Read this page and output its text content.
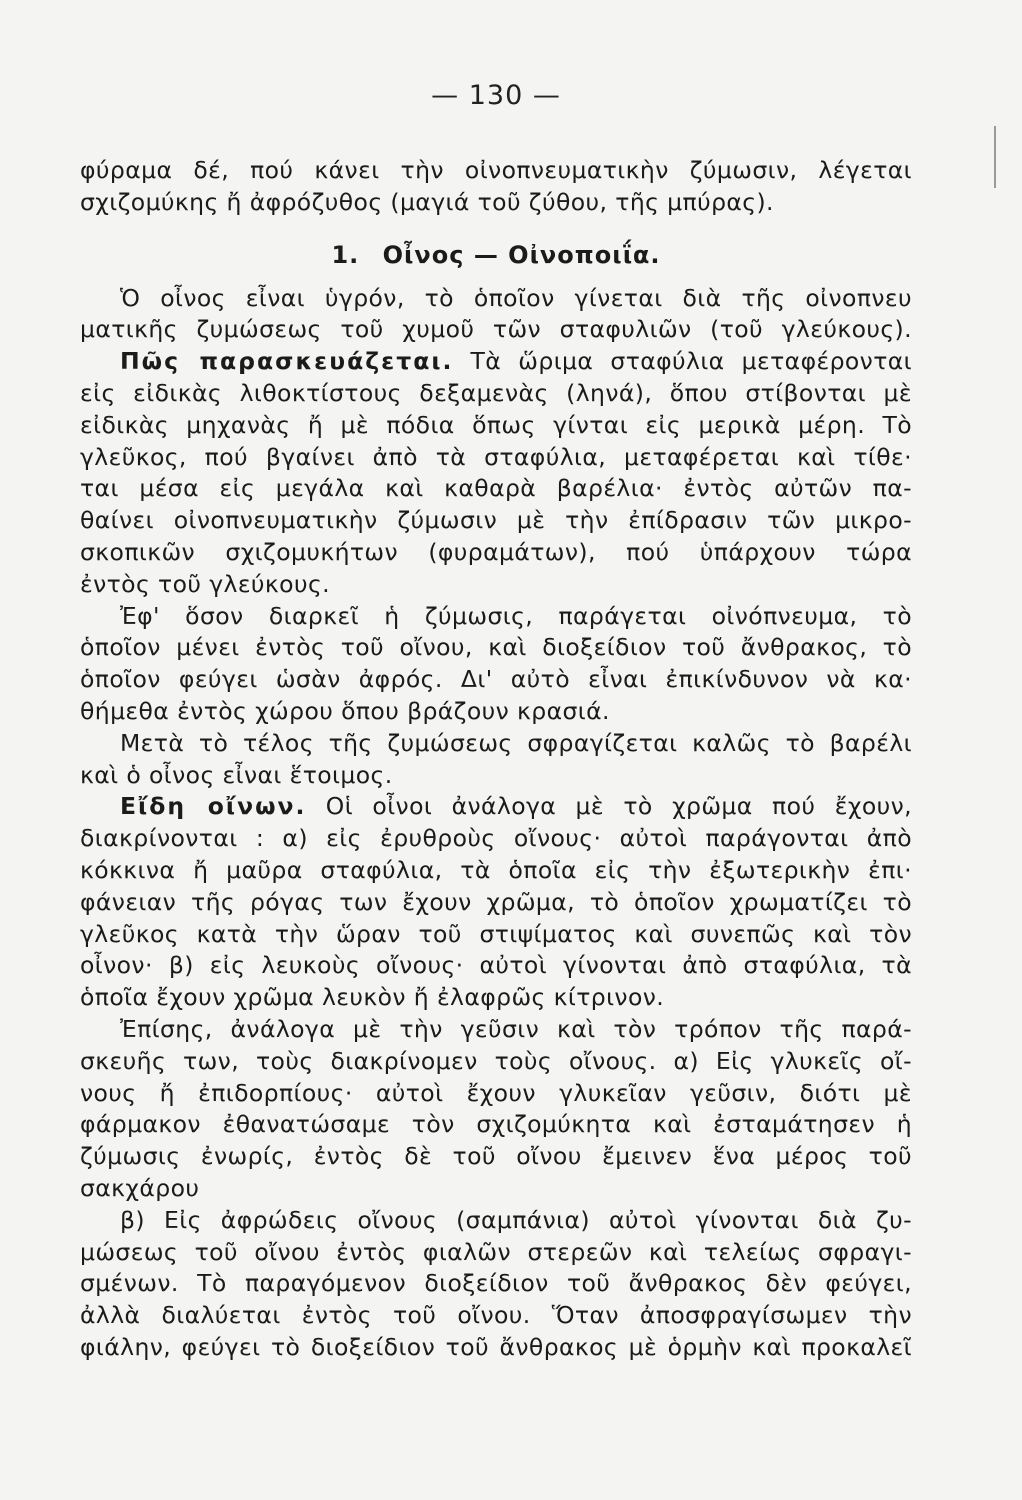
— 130 —
φύραμα δέ, πού κάνει τὴν οἰνοπνευματικὴν ζύμωσιν, λέγεται
σχιζομύκης ἤ ἀφρόζυθος (μαγιά τοῦ ζύθου, τῆς μπύρας).
1. Οἶνος — Οἰνοποιΐα.
Ὁ οἶνος εἶναι ὑγρόν, τὸ ὁποῖον γίνεται διὰ τῆς οἰνοπνευ
ματικῆς ζυμώσεως τοῦ χυμοῦ τῶν σταφυλιῶν (τοῦ γλεύκους).
Πῶς παρασκευάζεται. Τὰ ὥριμα σταφύλια μεταφέρονται
εἰς εἰδικὰς λιθοκτίστους δεξαμενὰς (ληνά), ὅπου στίβονται μὲ
εἰδικὰς μηχανὰς ἤ μὲ πόδια ὅπως γίνται εἰς μερικὰ μέρη. Τὸ
γλεῦκος, πού βγαίνει ἀπὸ τὰ σταφύλια, μεταφέρεται καὶ τίθε·
ται μέσα εἰς μεγάλα καὶ καθαρὰ βαρέλια· ἐντὸς αὐτῶν πα-
θαίνει οἰνοπνευματικὴν ζύμωσιν μὲ τὴν ἐπίδρασιν τῶν μικρο-
σκοπικῶν σχιζομυκήτων (φυραμάτων), πού ὑπάρχουν τώρα
ἐντὸς τοῦ γλεύκους.
Ἐφ' ὅσον διαρκεῖ ἡ ζύμωσις, παράγεται οἰνόπνευμα, τὸ
ὁποῖον μένει ἐντὸς τοῦ οἴνου, καὶ διοξείδιον τοῦ ἄνθρακος, τὸ
ὁποῖον φεύγει ὡσὰν ἀφρός. Δι' αὐτὸ εἶναι ἐπικίνδυνον νὰ κα·
θήμεθα ἐντὸς χώρου ὅπου βράζουν κρασιά.
Μετὰ τὸ τέλος τῆς ζυμώσεως σφραγίζεται καλῶς τὸ βαρέλι
καὶ ὁ οἶνος εἶναι ἕτοιμος.
Εἴδη οἴνων. Οἱ οἶνοι ἀνάλογα μὲ τὸ χρῶμα πού ἔχουν,
διακρίνονται : α) εἰς ἐρυθροὺς οἴνους· αὐτοὶ παράγονται ἀπὸ
κόκκινα ἤ μαῦρα σταφύλια, τὰ ὁποῖα εἰς τὴν ἐξωτερικὴν ἐπι·
φάνειαν τῆς ρόγας των ἔχουν χρῶμα, τὸ ὁποῖον χρωματίζει τὸ
γλεῦκος κατὰ τὴν ὥραν τοῦ στιψίματος καὶ συνεπῶς καὶ τὸν
οἶνον· β) εἰς λευκοὺς οἴνους· αὐτοὶ γίνονται ἀπὸ σταφύλια, τὰ
ὁποῖα ἔχουν χρῶμα λευκὸν ἤ ἐλαφρῶς κίτρινον.
Ἐπίσης, ἀνάλογα μὲ τὴν γεῦσιν καὶ τὸν τρόπον τῆς παρά-
σκευῆς των, τοὺς διακρίνομεν τοὺς οἴνους. α) Εἰς γλυκεῖς οἴ-
νους ἤ ἐπιδορπίους· αὐτοὶ ἔχουν γλυκεῖαν γεῦσιν, διότι μὲ
φάρμακον ἐθανατώσαμε τὸν σχιζομύκητα καὶ ἐσταμάτησεν ἡ
ζύμωσις ἐνωρίς, ἐντὸς δὲ τοῦ οἴνου ἔμεινεν ἕνα μέρος τοῦ
σακχάρου
β) Εἰς ἀφρώδεις οἴνους (σαμπάνια) αὐτοὶ γίνονται διὰ ζυ-
μώσεως τοῦ οἴνου ἐντὸς φιαλῶν στερεῶν καὶ τελείως σφραγι-
σμένων. Τὸ παραγόμενον διοξείδιον τοῦ ἄνθρακος δὲν φεύγει,
ἀλλὰ διαλύεται ἐντὸς τοῦ οἴνου. Ὅταν ἀποσφραγίσωμεν τὴν
φιάλην, φεύγει τὸ διοξείδιον τοῦ ἄνθρακος μὲ ὁρμὴν καὶ προκαλεῖ
